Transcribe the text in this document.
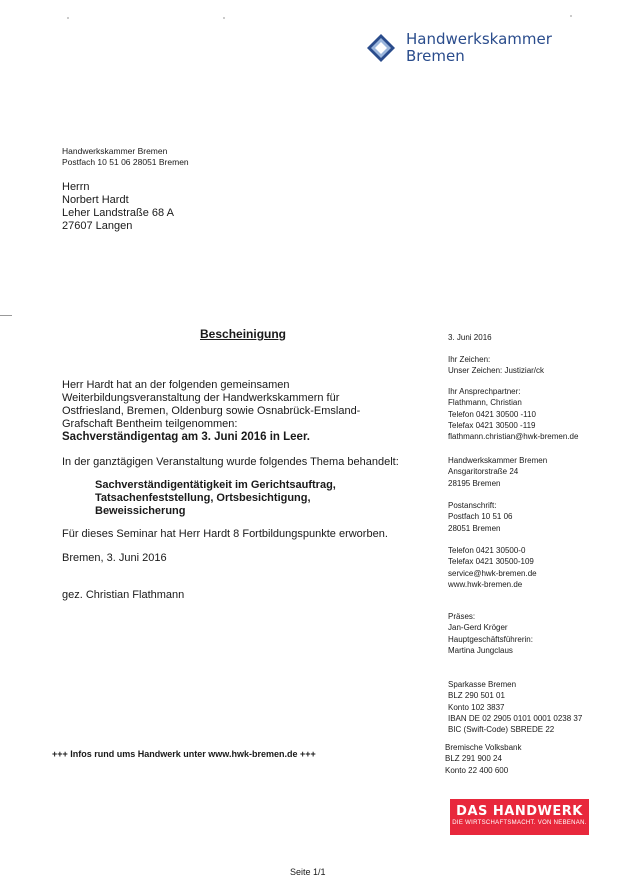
Handwerkskammer
Bremen
Handwerkskammer Bremen
Postfach 10 51 06 28051 Bremen
Herrn
Norbert Hardt
Leher Landstraße 68 A
27607 Langen
Bescheinigung
Herr Hardt hat an der folgenden gemeinsamen Weiterbildungsveranstaltung der Handwerkskammern für Ostfriesland, Bremen, Oldenburg sowie Osnabrück-Emsland-Grafschaft Bentheim teilgenommen:
Sachverständigentag am 3. Juni 2016 in Leer.
In der ganztägigen Veranstaltung wurde folgendes Thema behandelt:
Sachverständigentätigkeit im Gerichtsauftrag,
Tatsachenfeststellung, Ortsbesichtigung,
Beweissicherung
Für dieses Seminar hat Herr Hardt 8 Fortbildungspunkte erworben.
Bremen, 3. Juni 2016
gez. Christian Flathmann
+++ Infos rund ums Handwerk unter www.hwk-bremen.de +++
3. Juni 2016
Ihr Zeichen:
Unser Zeichen: Justiziar/ck
Ihr Ansprechpartner:
Flathmann, Christian
Telefon 0421 30500 -110
Telefax 0421 30500 -119
flathmann.christian@hwk-bremen.de
Handwerkskammer Bremen
Ansgaritorstraße 24
28195 Bremen
Postanschrift:
Postfach 10 51 06
28051 Bremen
Telefon 0421 30500-0
Telefax 0421 30500-109
service@hwk-bremen.de
www.hwk-bremen.de
Präses:
Jan-Gerd Kröger
Hauptgeschäftsführerin:
Martina Jungclaus
Sparkasse Bremen
BLZ 290 501 01
Konto 102 3837
IBAN DE 02 2905 0101 0001 0238 37
BIC (Swift-Code) SBREDE 22
Bremische Volksbank
BLZ 291 900 24
Konto 22 400 600
DAS HANDWERK
DIE WIRTSCHAFTSMACHT. VON NEBENAN.
Seite 1/1
